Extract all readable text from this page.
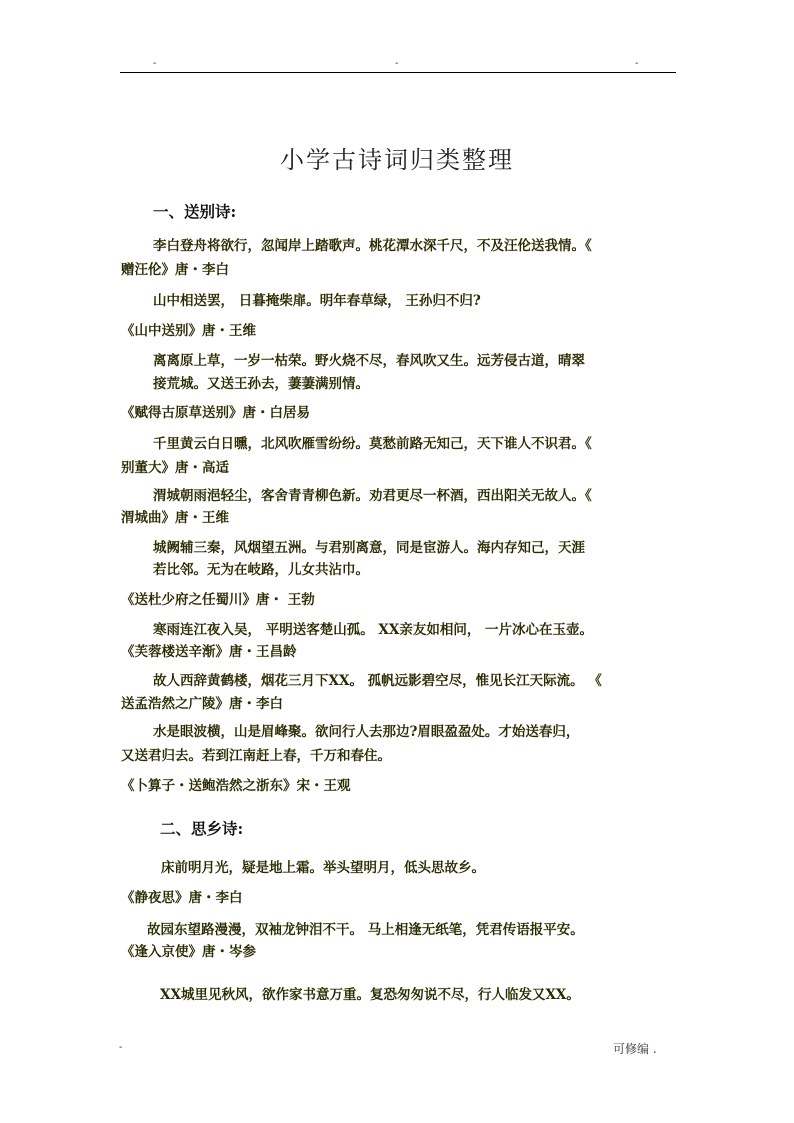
-	-	-
小学古诗词归类整理
一、送别诗:
李白登舟将欲行，忽闻岸上踏歌声。桃花潭水深千尺，不及汪伦送我情。《
赠汪伦》唐・李白
山中相送罢， 日暮掩柴扉。明年春草绿， 王孙归不归?
《山中送别》唐・王维
离离原上草，一岁一枯荣。野火烧不尽，春风吹又生。远芳侵古道，晴翠
接荒城。又送王孙去，萋萋满别情。
《赋得古原草送别》唐・白居易
千里黄云白日曛，北风吹雁雪纷纷。莫愁前路无知己，天下谁人不识君。《
别董大》唐・高适
渭城朝雨浥轻尘，客舍青青柳色新。劝君更尽一杯酒，西出阳关无故人。《
渭城曲》唐・王维
城阙辅三秦，风烟望五洲。与君别离意，同是宦游人。海内存知己，天涯
若比邻。无为在岐路，儿女共沾巾。
《送杜少府之任蜀川》唐・ 王勃
寒雨连江夜入吴， 平明送客楚山孤。 XX亲友如相问， 一片冰心在玉壶。
《芙蓉楼送辛渐》唐・王昌龄
故人西辞黄鹤楼，烟花三月下XX。 孤帆远影碧空尽，惟见长江天际流。 《
送孟浩然之广陵》唐・李白
水是眼波横，山是眉峰聚。欲问行人去那边?眉眼盈盈处。才始送春归，
又送君归去。若到江南赶上春，千万和春住。
《卜算子・送鲍浩然之浙东》宋・王观
二、思乡诗:
床前明月光，疑是地上霜。举头望明月，低头思故乡。
《静夜思》唐・李白
故园东望路漫漫，双袖龙钟泪不干。 马上相逢无纸笔，凭君传语报平安。
《逢入京使》唐・岑参
XX城里见秋风，欲作家书意万重。复恐匆匆说不尽，行人临发又XX。
-	可修编 .
